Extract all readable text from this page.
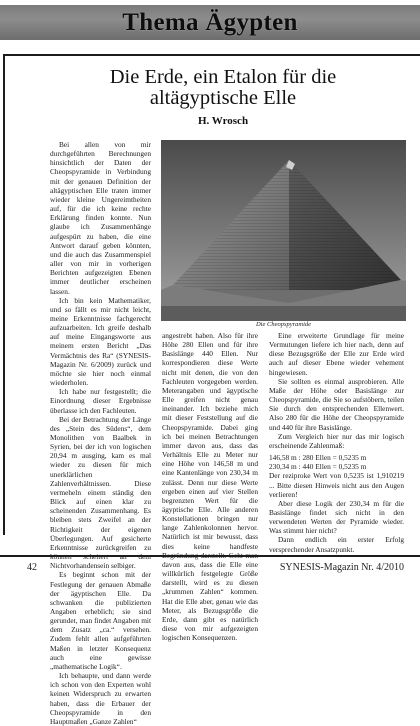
Thema Ägypten
Die Erde, ein Etalon für die
altägyptische Elle
H. Wrosch

Bei allen von mir durchgeführten Berechnungen hinsichtlich der Daten der Cheopspyramide in Verbindung mit der genauen Definition der altägyptischen Elle traten immer wieder kleine Ungereimtheiten auf, für die ich keine rechte Erklärung finden konnte. Nun glaube ich Zusammenhänge aufgespürt zu haben, die eine Antwort darauf geben könnten, und die auch das Zusammenspiel aller von mir in vorherigen Berichten aufgezeigten Ebenen immer deutlicher erscheinen lassen.

Ich bin kein Mathematiker, und so fällt es mir nicht leicht, meine Erkenntnisse fachgerecht aufzuarbeiten. Ich greife deshalb auf meine Eingangsworte aus meinem ersten Bericht „Das Vermächtnis des Ra“ (SYNESIS-Magazin Nr. 6/2009) zurück und möchte sie hier noch einmal wiederholen.

Ich habe nur festgestellt; die Einordnung dieser Ergebnisse überlasse ich den Fachleuten.

Bei der Betrachtung der Länge des „Stein des Südens“, dem Monolithen von Baalbek in Syrien, bei der ich von logischen 20,94 m ausging, kam es mal wieder zu diesen für mich unerklärlichen Zahlenverhältnissen. Diese vermeheln einem ständig den Blick auf einen klar zu scheinenden Zusammenhang. Es bleiben stets Zweifel an der Richtigkeit der eigenen Überlegungen. Auf gesicherte Erkenntnisse zurückgreifen zu Nichtvorhandensein selbiger.

Es beginnt schon mit der Festlegung der genauen Abmaße der ägyptischen Elle. Da schwanken die publizierten Angaben erheblich; sie sind gerundet, man findet Angaben mit dem Zusatz „ca.“ versehen. Zudem fehlt allen aufgeführten Maßen in letzter Konsequenz auch eine gewisse „mathematische Logik“.

Ich behaupte, und dann werde ich schon von den Experten wohl keinen Widerspruch zu erwarten haben, dass die Erbauer der Cheopspyramide in den Hauptmaßen „Ganze Zahlen“

Die Cheopspyramide

angestrebt haben. Also für ihre Höhe 280 Ellen und für ihre Basislänge 440 Ellen. Nur korrespondieren diese Werte nicht mit denen, die von den Fachleuten vorgegeben werden. Meterangaben und ägyptische Elle greifen nicht genau ineinander. Ich beziehe mich mit dieser Feststellung auf die Cheopspyramide. Dabei ging ich bei meinen Betrachtungen immer davon aus, dass das Verhältnis Elle zu Meter nur eine Höhe von 146,58 m und eine Kantenlänge von 230,34 m zulässt. Denn nur diese Werte ergeben einen auf vier Stellen begrenzten Wert für die ägyptische Elle. Alle anderen Konstellationen bringen nur lange Zahlenkolonnen hervor. Natürlich ist mir bewusst, dass dies keine handfeste davon aus, dass die Elle eine willkürlich festgelegte Größe darstellt, wird es zu diesen „krummen Zahlen“ kommen. Hat die Elle aber, genau wie das Meter, als Bezugsgröße die Erde, dann gibt es natürlich diese von mir aufgezeigten logischen Konsequenzen.

Eine erweiterte Grundlage für meine Vermutungen liefere ich hier nach, denn auf diese Bezugsgröße der Elle zur Erde wird auch auf dieser Ebene wieder vehement hingewiesen.

Sie sollten es einmal ausprobieren. Alle Maße der Höhe oder Basislänge zur Cheopspyramide, die Sie so aufstöbern, teilen Sie durch den entsprechenden Ellenwert. Also 280 für die Höhe der Cheopspyramide und 440 für ihre Basislänge.

Zum Vergleich hier nur das mir logisch erscheinende Zahlenmaß:

146,58 m : 280 Ellen = 0,5235 m

230,34 m : 440 Ellen = 0,5235 m

Der reziproke Wert von 0,5235 ist 1,910219 ... Bitte diesen Hinweis nicht aus den Augen verlieren!

Aber diese Logik der 230,34 m für die Basislänge findet sich nicht in den verwendeten Werten der Pyramide wieder. Was stimmt hier nicht?

Dann endlich ein erster Erfolg versprechender Ansatzpunkt.

42	SYNESIS-Magazin Nr. 4/2010
